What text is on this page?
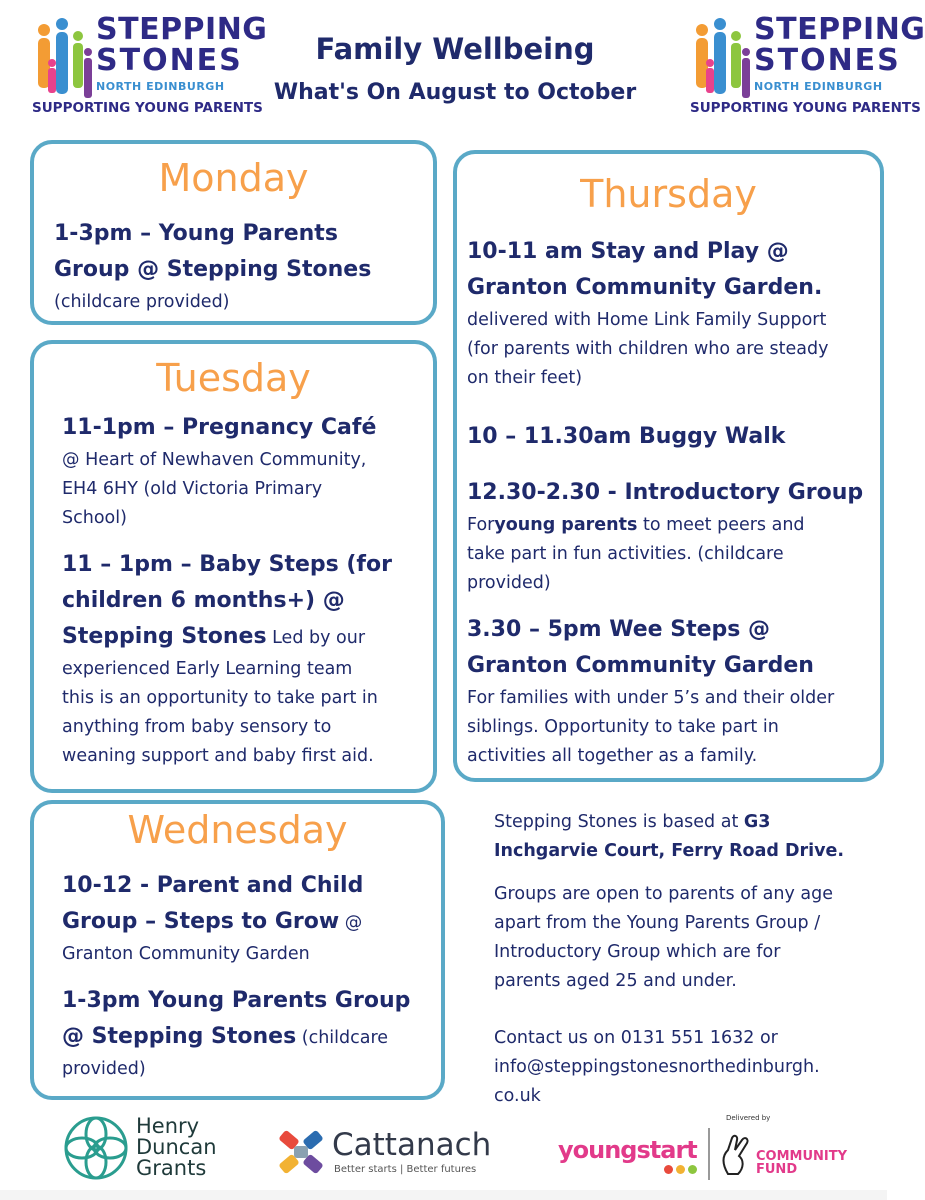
STEPPING
STONES
NORTH EDINBURGH
SUPPORTING YOUNG PARENTS
STEPPING
STONES
NORTH EDINBURGH
SUPPORTING YOUNG PARENTS
Family Wellbeing
What's On August to October
Monday
1-3pm – Young Parents
Group @ Stepping Stones
(childcare provided)
Tuesday
11-1pm – Pregnancy Café
@ Heart of Newhaven Community,
EH4 6HY (old Victoria Primary
School)
11 – 1pm – Baby Steps (for
children 6 months+) @
Stepping Stones Led by our
experienced Early Learning team
this is an opportunity to take part in
anything from baby sensory to
weaning support and baby first aid.
Wednesday
10-12 - Parent and Child
Group – Steps to Grow @
Granton Community Garden
1-3pm Young Parents Group
@ Stepping Stones (childcare
provided)
Thursday
10-11 am Stay and Play @
Granton Community Garden.
delivered with Home Link Family Support
(for parents with children who are steady
on their feet)
10 – 11.30am Buggy Walk
12.30-2.30 - Introductory Group
Foryoung parents to meet peers and
take part in fun activities. (childcare
provided)
3.30 – 5pm Wee Steps @
Granton Community Garden
For families with under 5’s and their older
siblings. Opportunity to take part in
activities all together as a family.
Stepping Stones is based at G3
Inchgarvie Court, Ferry Road Drive.
Groups are open to parents of any age
apart from the Young Parents Group /
Introductory Group which are for
parents aged 25 and under.
Contact us on 0131 551 1632 or
info@steppingstonesnorthedinburgh.
co.uk
Henry
Duncan
Grants
Cattanach
Better starts | Better futures
youngstart
Delivered by
COMMUNITY
FUND
